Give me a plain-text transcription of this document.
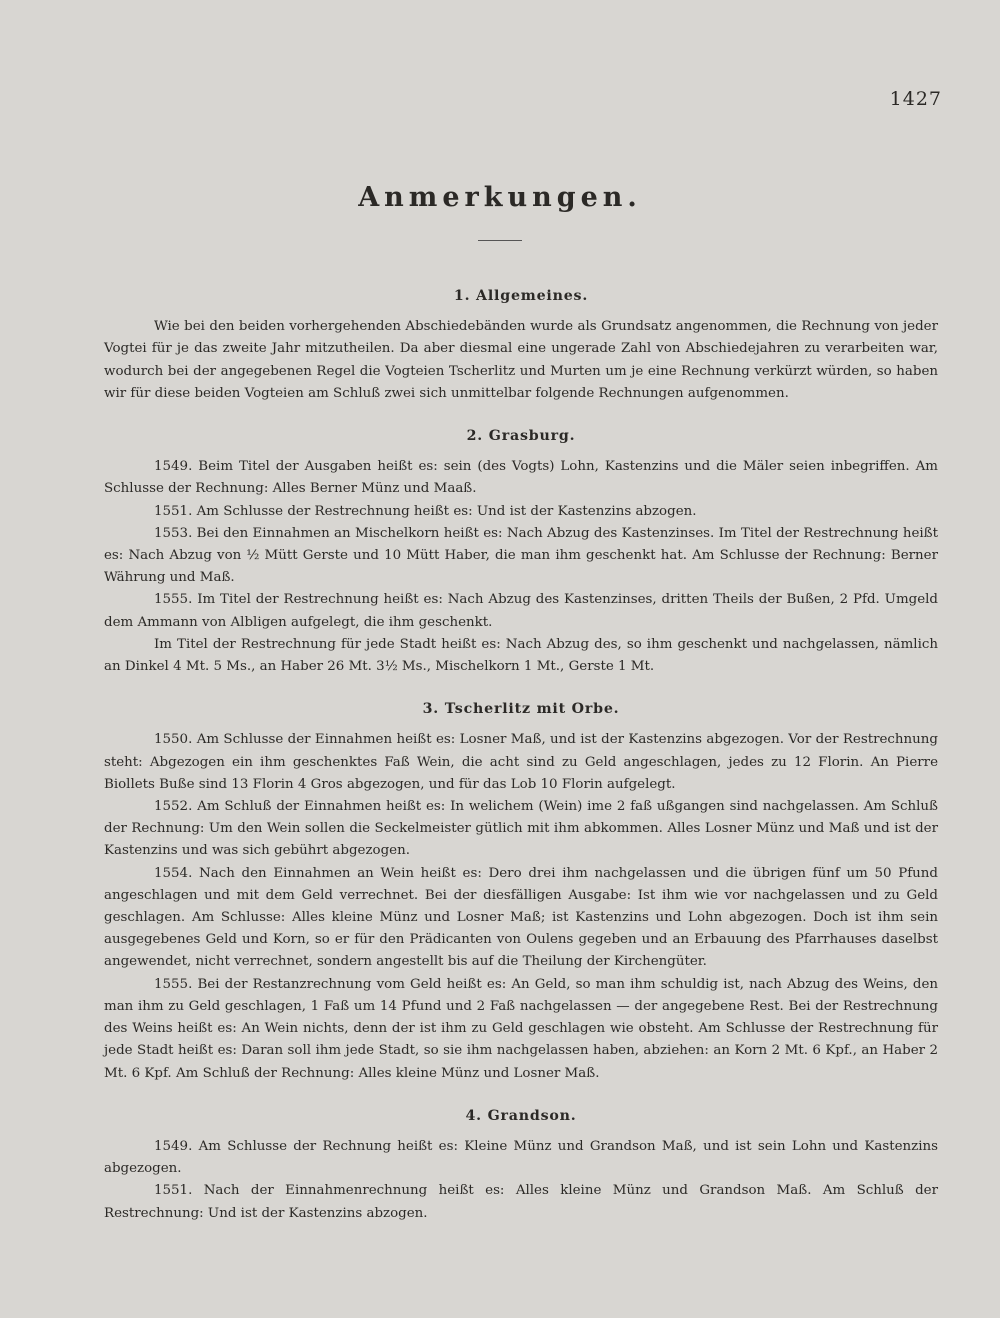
1427
Anmerkungen.
1. Allgemeines.

Wie bei den beiden vorhergehenden Abschiedebänden wurde als Grundsatz angenommen, die Rechnung von jeder Vogtei für je das zweite Jahr mitzutheilen. Da aber diesmal eine ungerade Zahl von Abschiedejahren zu verarbeiten war, wodurch bei der angegebenen Regel die Vogteien Tscherlitz und Murten um je eine Rechnung verkürzt würden, so haben wir für diese beiden Vogteien am Schluß zwei sich unmittelbar folgende Rechnungen aufgenommen.

2. Grasburg.

1549. Beim Titel der Ausgaben heißt es: sein (des Vogts) Lohn, Kastenzins und die Mäler seien inbegriffen. Am Schlusse der Rechnung: Alles Berner Münz und Maaß.

1551. Am Schlusse der Restrechnung heißt es: Und ist der Kastenzins abzogen.

1553. Bei den Einnahmen an Mischelkorn heißt es: Nach Abzug des Kastenzinses. Im Titel der Restrechnung heißt es: Nach Abzug von ½ Mütt Gerste und 10 Mütt Haber, die man ihm geschenkt hat. Am Schlusse der Rechnung: Berner Währung und Maß.

1555. Im Titel der Restrechnung heißt es: Nach Abzug des Kastenzinses, dritten Theils der Bußen, 2 Pfd. Umgeld dem Ammann von Albligen aufgelegt, die ihm geschenkt.

Im Titel der Restrechnung für jede Stadt heißt es: Nach Abzug des, so ihm geschenkt und nachgelassen, nämlich an Dinkel 4 Mt. 5 Ms., an Haber 26 Mt. 3½ Ms., Mischelkorn 1 Mt., Gerste 1 Mt.

3. Tscherlitz mit Orbe.

1550. Am Schlusse der Einnahmen heißt es: Losner Maß, und ist der Kastenzins abgezogen. Vor der Restrechnung steht: Abgezogen ein ihm geschenktes Faß Wein, die acht sind zu Geld angeschlagen, jedes zu 12 Florin. An Pierre Biollets Buße sind 13 Florin 4 Gros abgezogen, und für das Lob 10 Florin aufgelegt.

1552. Am Schluß der Einnahmen heißt es: In welichem (Wein) ime 2 faß ußgangen sind nachgelassen. Am Schluß der Rechnung: Um den Wein sollen die Seckelmeister gütlich mit ihm abkommen. Alles Losner Münz und Maß und ist der Kastenzins und was sich gebührt abgezogen.

1554. Nach den Einnahmen an Wein heißt es: Dero drei ihm nachgelassen und die übrigen fünf um 50 Pfund angeschlagen und mit dem Geld verrechnet. Bei der diesfälligen Ausgabe: Ist ihm wie vor nachgelassen und zu Geld geschlagen. Am Schlusse: Alles kleine Münz und Losner Maß; ist Kastenzins und Lohn abgezogen. Doch ist ihm sein ausgegebenes Geld und Korn, so er für den Prädicanten von Oulens gegeben und an Erbauung des Pfarrhauses daselbst angewendet, nicht verrechnet, sondern angestellt bis auf die Theilung der Kirchengüter.

1555. Bei der Restanzrechnung vom Geld heißt es: An Geld, so man ihm schuldig ist, nach Abzug des Weins, den man ihm zu Geld geschlagen, 1 Faß um 14 Pfund und 2 Faß nachgelassen — der angegebene Rest. Bei der Restrechnung des Weins heißt es: An Wein nichts, denn der ist ihm zu Geld geschlagen wie obsteht. Am Schlusse der Restrechnung für jede Stadt heißt es: Daran soll ihm jede Stadt, so sie ihm nachgelassen haben, abziehen: an Korn 2 Mt. 6 Kpf., an Haber 2 Mt. 6 Kpf. Am Schluß der Rechnung: Alles kleine Münz und Losner Maß.

4. Grandson.

1549. Am Schlusse der Rechnung heißt es: Kleine Münz und Grandson Maß, und ist sein Lohn und Kastenzins abgezogen.

1551. Nach der Einnahmenrechnung heißt es: Alles kleine Münz und Grandson Maß. Am Schluß der Restrechnung: Und ist der Kastenzins abzogen.
